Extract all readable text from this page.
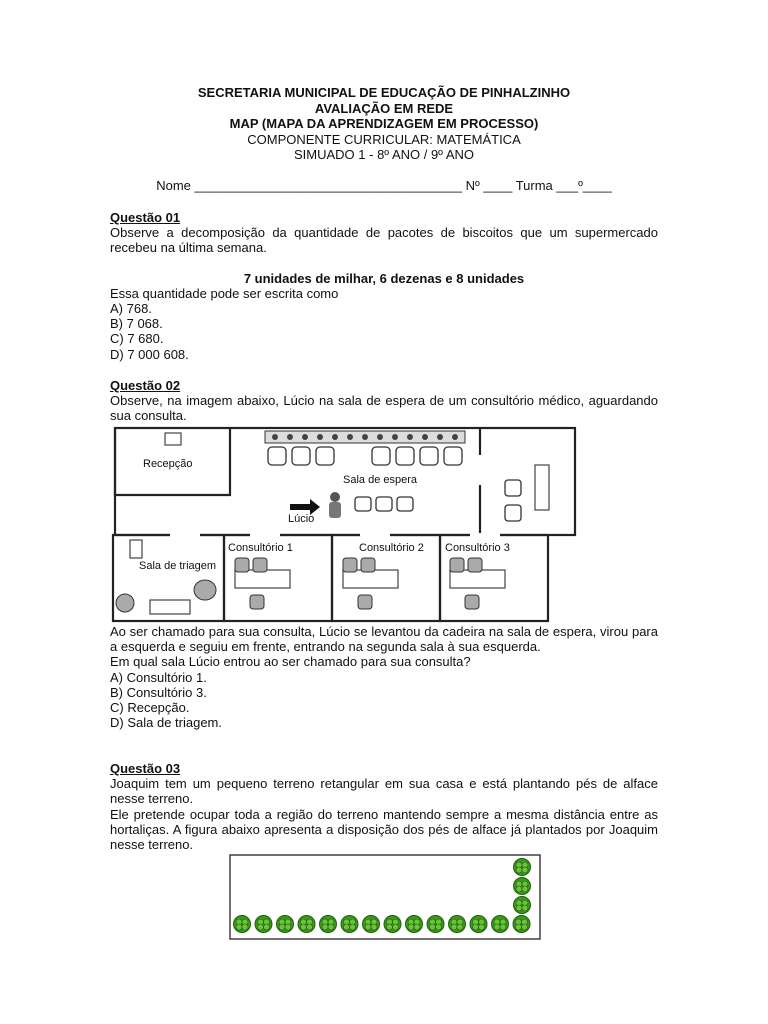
SECRETARIA MUNICIPAL DE EDUCAÇÃO DE PINHALZINHO
AVALIAÇÃO EM REDE
MAP (MAPA DA APRENDIZAGEM EM PROCESSO)
COMPONENTE CURRICULAR: MATEMÁTICA
SIMUADO 1 - 8º ANO / 9º ANO
Nome _____________________________________ Nº ____ Turma ___º____
Questão 01
Observe a decomposição da quantidade de pacotes de biscoitos que um supermercado recebeu na última semana.
7 unidades de milhar, 6 dezenas e 8 unidades
Essa quantidade pode ser escrita como
A) 768.
B) 7 068.
C) 7 680.
D) 7 000 608.
Questão 02
Observe, na imagem abaixo, Lúcio na sala de espera de um consultório médico, aguardando sua consulta.
Recepção
Sala de espera
Lúcio
Sala de triagem
Consultório 1	Consultório 2 Consultório 3
Ao ser chamado para sua consulta, Lúcio se levantou da cadeira na sala de espera, virou para a esquerda e seguiu em frente, entrando na segunda sala à sua esquerda.
Em qual sala Lúcio entrou ao ser chamado para sua consulta?
A) Consultório 1.
B) Consultório 3.
C) Recepção.
D) Sala de triagem.
Questão 03
Joaquim tem um pequeno terreno retangular em sua casa e está plantando pés de alface nesse terreno.
Ele pretende ocupar toda a região do terreno mantendo sempre a mesma distância entre as hortaliças. A figura abaixo apresenta a disposição dos pés de alface já plantados por Joaquim nesse terreno.
